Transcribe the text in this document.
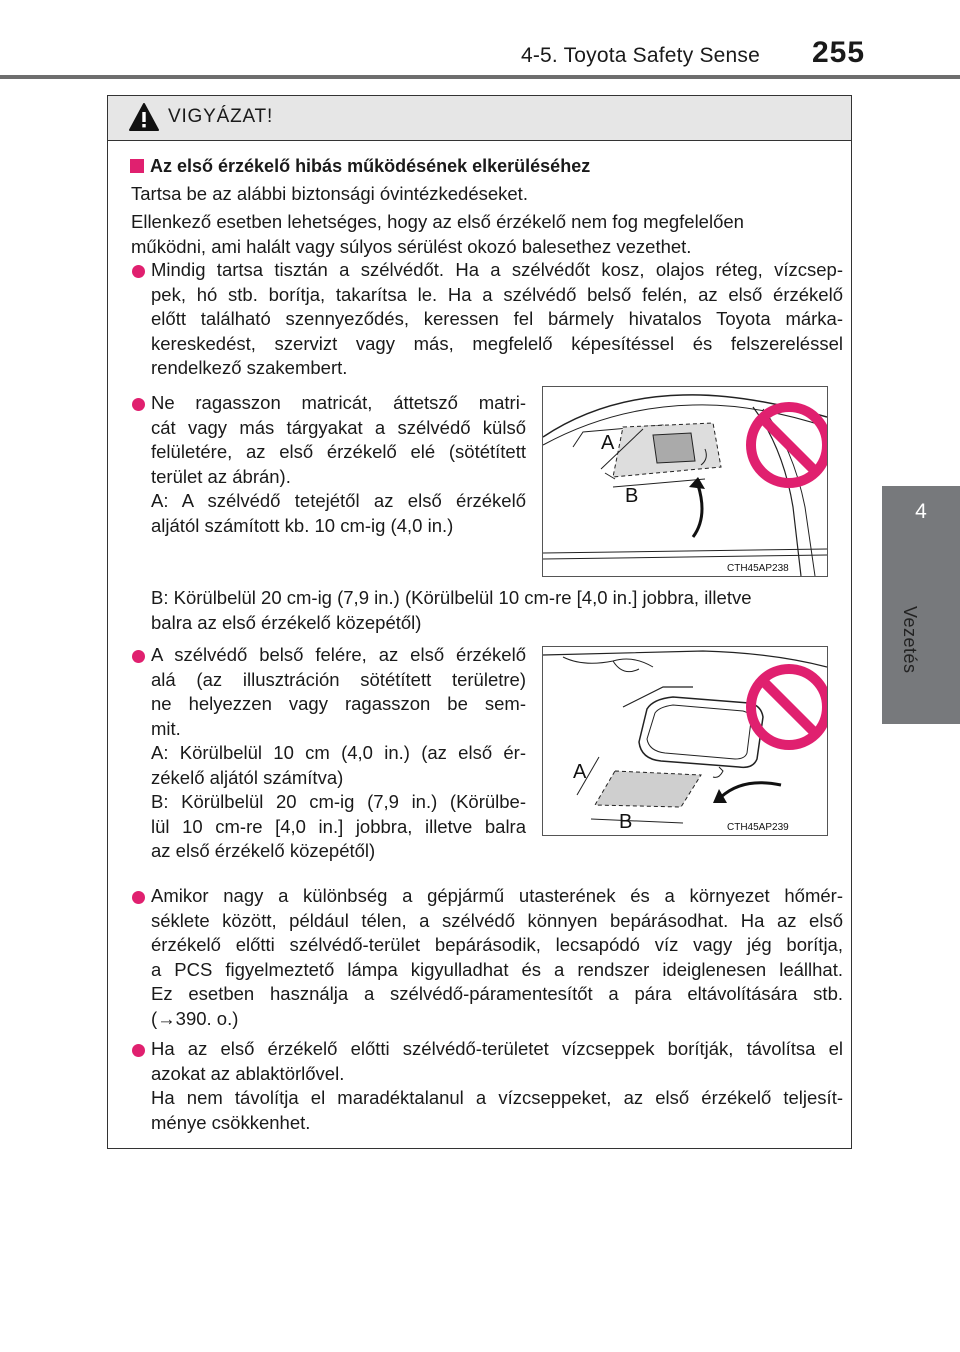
4-5. Toyota Safety Sense 255
4
Vezetés
VIGYÁZAT!
Az első érzékelő hibás működésének elkerüléséhez
Tartsa be az alábbi biztonsági óvintézkedéseket.
Ellenkező esetben lehetséges, hogy az első érzékelő nem fog megfelelően
működni, ami halált vagy súlyos sérülést okozó balesethez vezethet.
Mindig tartsa tisztán a szélvédőt. Ha a szélvédőt kosz, olajos réteg, vízcsep-
pek, hó stb. borítja, takarítsa le. Ha a szélvédő belső felén, az első érzékelő
előtt található szennyeződés, keressen fel bármely hivatalos Toyota márka-
kereskedést, szervizt vagy más, megfelelő képesítéssel és felszereléssel
rendelkező szakembert.
Ne ragasszon matricát, áttetsző matri-
cát vagy más tárgyakat a szélvédő külső
felületére, az első érzékelő elé (sötétített
terület az ábrán).
A: A szélvédő tetejétől az első érzékelő
aljától számított kb. 10 cm-ig (4,0 in.)
A
B
CTH45AP238
B: Körülbelül 20 cm-ig (7,9 in.) (Körülbelül 10 cm-re [4,0 in.] jobbra, illetve
balra az első érzékelő közepétől)
A szélvédő belső felére, az első érzékelő
alá (az illusztráción sötétített területre)
ne helyezzen vagy ragasszon be sem-
mit.
A: Körülbelül 10 cm (4,0 in.) (az első ér-
zékelő aljától számítva)
B: Körülbelül 20 cm-ig (7,9 in.) (Körülbe-
lül 10 cm-re [4,0 in.] jobbra, illetve balra
az első érzékelő közepétől)
A
B	CTH45AP239
Amikor nagy a különbség a gépjármű utasterének és a környezet hőmér-
séklete között, például télen, a szélvédő könnyen bepárásodhat. Ha az első
érzékelő előtti szélvédő-terület bepárásodik, lecsapódó víz vagy jég borítja,
a PCS figyelmeztető lámpa kigyulladhat és a rendszer ideiglenesen leállhat.
Ez esetben használja a szélvédő-páramentesítőt a pára eltávolítására stb.
(→390. o.)
Ha az első érzékelő előtti szélvédő-területet vízcseppek borítják, távolítsa el
azokat az ablaktörlővel.
Ha nem távolítja el maradéktalanul a vízcseppeket, az első érzékelő teljesít-
ménye csökkenhet.
